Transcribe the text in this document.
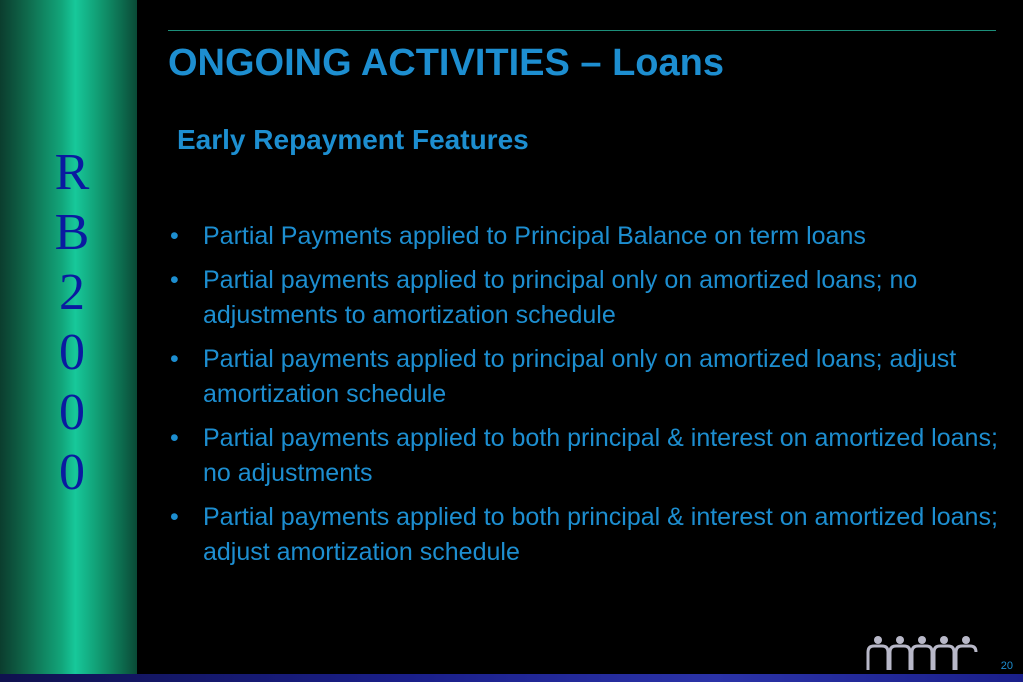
R
B
2
0
0
0
ONGOING ACTIVITIES – Loans
Early Repayment Features
• Partial Payments applied to Principal Balance on term loans
• Partial payments applied to principal only on amortized loans; no adjustments to amortization schedule
• Partial payments applied to principal only on amortized loans; adjust amortization schedule
• Partial payments applied to both principal & interest on amortized loans; no adjustments
• Partial payments applied to both principal & interest on amortized loans; adjust amortization schedule
20
